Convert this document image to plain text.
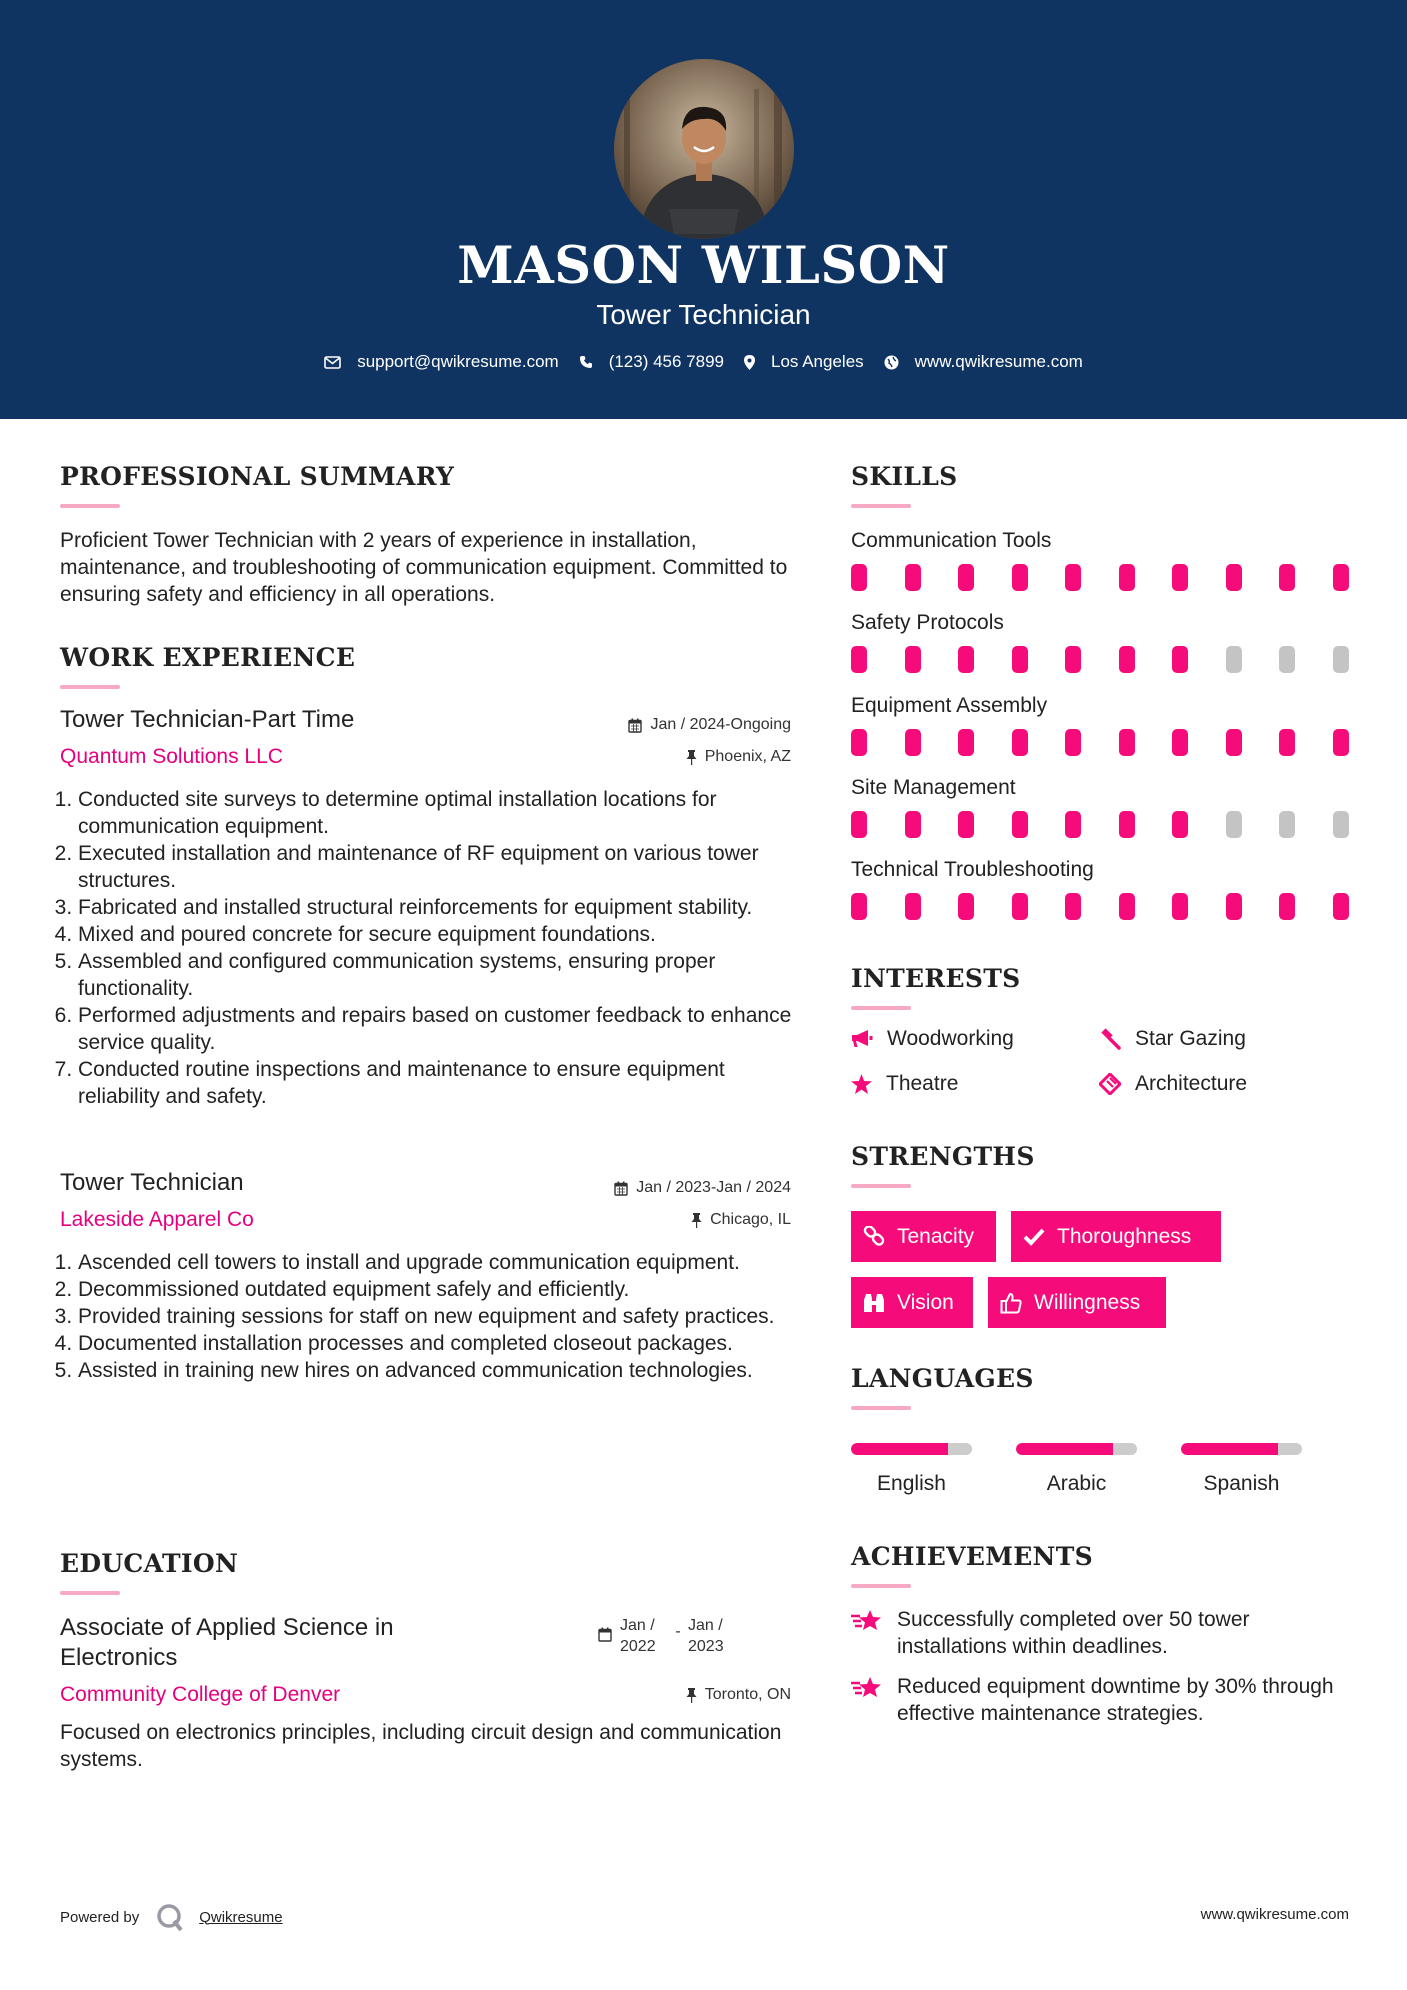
MASON WILSON
Tower Technician
support@qwikresume.com	(123) 456 7899	Los Angeles	www.qwikresume.com
PROFESSIONAL SUMMARY
Proficient Tower Technician with 2 years of experience in installation, maintenance, and troubleshooting of communication equipment. Committed to ensuring safety and efficiency in all operations.
WORK EXPERIENCE
Tower Technician-Part Time	Jan / 2024-Ongoing
Quantum Solutions LLC	Phoenix, AZ
1. Conducted site surveys to determine optimal installation locations for communication equipment.
2. Executed installation and maintenance of RF equipment on various tower structures.
3. Fabricated and installed structural reinforcements for equipment stability.
4. Mixed and poured concrete for secure equipment foundations.
5. Assembled and configured communication systems, ensuring proper functionality.
6. Performed adjustments and repairs based on customer feedback to enhance service quality.
7. Conducted routine inspections and maintenance to ensure equipment reliability and safety.
Tower Technician	Jan / 2023-Jan / 2024
Lakeside Apparel Co	Chicago, IL
1. Ascended cell towers to install and upgrade communication equipment.
2. Decommissioned outdated equipment safely and efficiently.
3. Provided training sessions for staff on new equipment and safety practices.
4. Documented installation processes and completed closeout packages.
5. Assisted in training new hires on advanced communication technologies.
EDUCATION
Associate of Applied Science in Electronics
Jan / 2022
- Jan / 2023
Community College of Denver	Toronto, ON
Focused on electronics principles, including circuit design and communication systems.
SKILLS
Communication Tools
Safety Protocols
Equipment Assembly
Site Management
Technical Troubleshooting
INTERESTS
Woodworking	Star Gazing
Theatre	Architecture
STRENGTHS
Tenacity	Thoroughness
Vision	Willingness
LANGUAGES
English	Arabic	Spanish
ACHIEVEMENTS
Successfully completed over 50 tower installations within deadlines.
Reduced equipment downtime by 30% through effective maintenance strategies.
Powered by	Qwikresume	www.qwikresume.com
